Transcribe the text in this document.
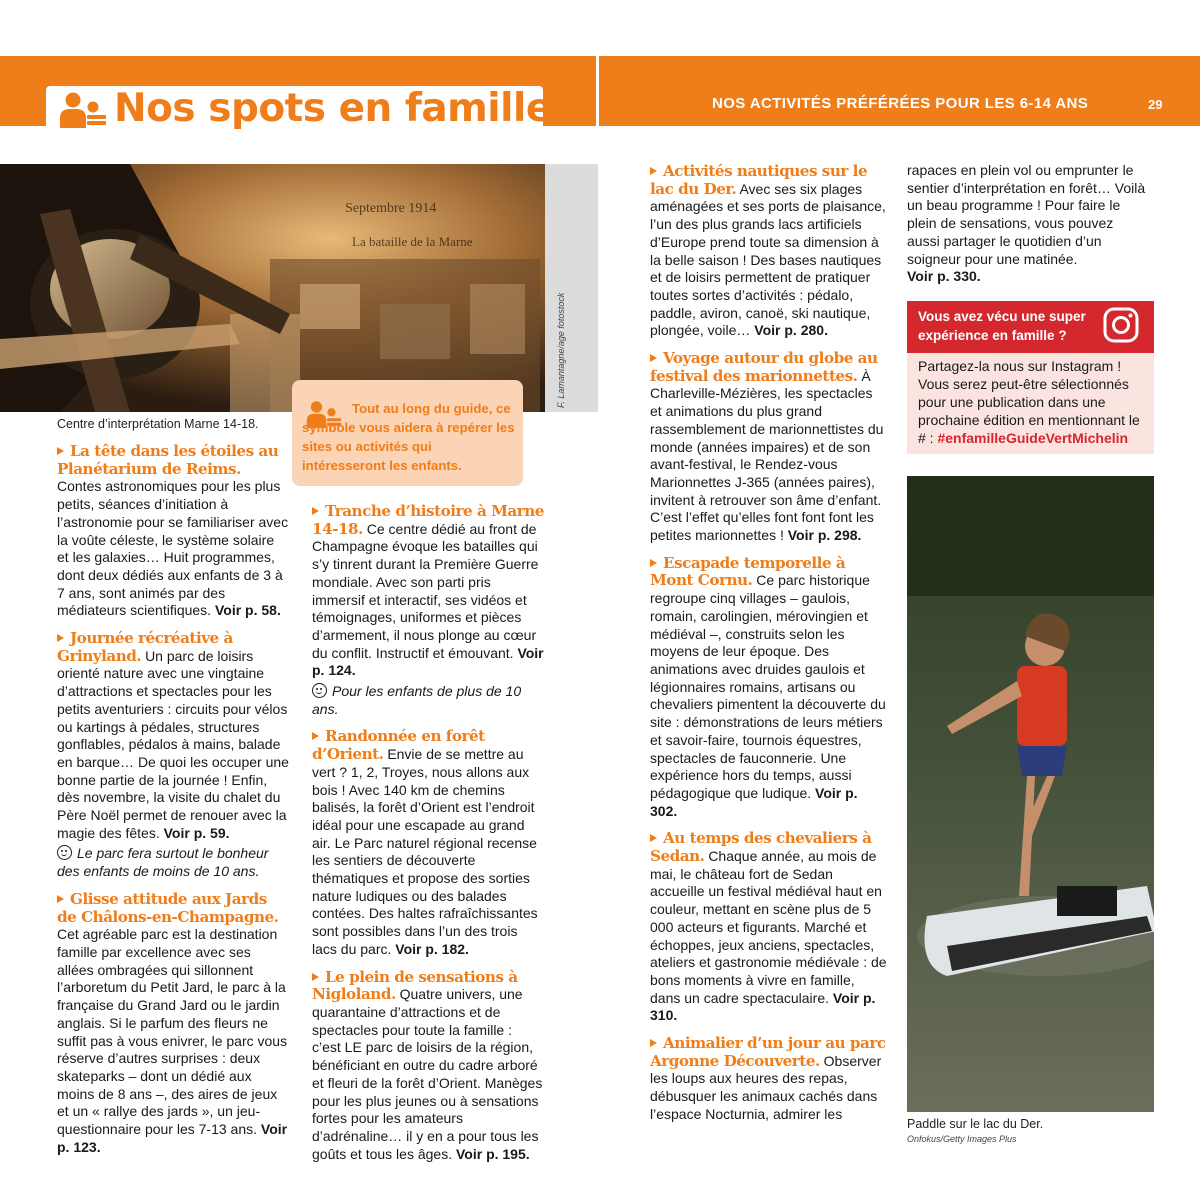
Nos spots en famille	NOS ACTIVITÉS PRÉFÉRÉES POUR LES 6-14 ANS	29
Septembre 1914
La bataille de la Marne
F. Lamantagne/age fotostock
Centre d’interprétation Marne 14-18.
Tout au long du guide, ce symbole vous aidera à repérer les sites ou activités qui intéresseront les enfants.
La tête dans les étoiles au Planétarium de Reims. Contes astronomiques pour les plus petits, séances d’initiation à l’astronomie pour se familiariser avec la voûte céleste, le système solaire et les galaxies… Huit programmes, dont deux dédiés aux enfants de 3 à 7 ans, sont animés par des médiateurs scientifiques. Voir p. 58.
Journée récréative à Grinyland. Un parc de loisirs orienté nature avec une vingtaine d’attractions et spectacles pour les petits aventuriers : circuits pour vélos ou kartings à pédales, structures gonflables, pédalos à mains, balade en barque… De quoi les occuper une bonne partie de la journée ! Enfin, dès novembre, la visite du chalet du Père Noël permet de renouer avec la magie des fêtes. Voir p. 59.
Le parc fera surtout le bonheur des enfants de moins de 10 ans.
Glisse attitude aux Jards de Châlons-en-Champagne. Cet agréable parc est la destination famille par excellence avec ses allées ombragées qui sillonnent l’arboretum du Petit Jard, le parc à la française du Grand Jard ou le jardin anglais. Si le parfum des fleurs ne suffit pas à vous enivrer, le parc vous réserve d’autres surprises : deux skateparks – dont un dédié aux moins de 8 ans –, des aires de jeux et un « rallye des jards », un jeu-questionnaire pour les 7-13 ans. Voir p. 123.
Tranche d’histoire à Marne 14-18. Ce centre dédié au front de Champagne évoque les batailles qui s’y tinrent durant la Première Guerre mondiale. Avec son parti pris immersif et interactif, ses vidéos et témoignages, uniformes et pièces d’armement, il nous plonge au cœur du conflit. Instructif et émouvant. Voir p. 124.
Pour les enfants de plus de 10 ans.
Randonnée en forêt d’Orient. Envie de se mettre au vert ? 1, 2, Troyes, nous allons aux bois ! Avec 140 km de chemins balisés, la forêt d’Orient est l’endroit idéal pour une escapade au grand air. Le Parc naturel régional recense les sentiers de découverte thématiques et propose des sorties nature ludiques ou des balades contées. Des haltes rafraîchissantes sont possibles dans l’un des trois lacs du parc. Voir p. 182.
Le plein de sensations à Nigloland. Quatre univers, une quarantaine d’attractions et de spectacles pour toute la famille : c’est LE parc de loisirs de la région, bénéficiant en outre du cadre arboré et fleuri de la forêt d’Orient. Manèges pour les plus jeunes ou à sensations fortes pour les amateurs d’adrénaline… il y en a pour tous les goûts et tous les âges. Voir p. 195.
Activités nautiques sur le lac du Der. Avec ses six plages aménagées et ses ports de plaisance, l’un des plus grands lacs artificiels d’Europe prend toute sa dimension à la belle saison ! Des bases nautiques et de loisirs permettent de pratiquer toutes sortes d’activités : pédalo, paddle, aviron, canoë, ski nautique, plongée, voile… Voir p. 280.
Voyage autour du globe au festival des marionnettes. À Charleville-Mézières, les spectacles et animations du plus grand rassemblement de marionnettistes du monde (années impaires) et de son avant-festival, le Rendez-vous Marionnettes J-365 (années paires), invitent à retrouver son âme d’enfant. C’est l’effet qu’elles font font font les petites marionnettes ! Voir p. 298.
Escapade temporelle à Mont Cornu. Ce parc historique regroupe cinq villages – gaulois, romain, carolingien, mérovingien et médiéval –, construits selon les moyens de leur époque. Des animations avec druides gaulois et légionnaires romains, artisans ou chevaliers pimentent la découverte du site : démonstrations de leurs métiers et savoir-faire, tournois équestres, spectacles de fauconnerie. Une expérience hors du temps, aussi pédagogique que ludique. Voir p. 302.
Au temps des chevaliers à Sedan. Chaque année, au mois de mai, le château fort de Sedan accueille un festival médiéval haut en couleur, mettant en scène plus de 5 000 acteurs et figurants. Marché et échoppes, jeux anciens, spectacles, ateliers et gastronomie médiévale : de bons moments à vivre en famille, dans un cadre spectaculaire. Voir p. 310.
Animalier d’un jour au parc Argonne Découverte. Observer les loups aux heures des repas, débusquer les animaux cachés dans l’espace Nocturnia, admirer les
rapaces en plein vol ou emprunter le sentier d’interprétation en forêt… Voilà un beau programme ! Pour faire le plein de sensations, vous pouvez aussi partager le quotidien d’un soigneur pour une matinée.
Voir p. 330.
Vous avez vécu une super expérience en famille ?
Partagez-la nous sur Instagram ! Vous serez peut-être sélectionnés pour une publication dans une prochaine édition en mentionnant le # : #enfamilleGuideVertMichelin
Paddle sur le lac du Der.
Onfokus/Getty Images Plus
